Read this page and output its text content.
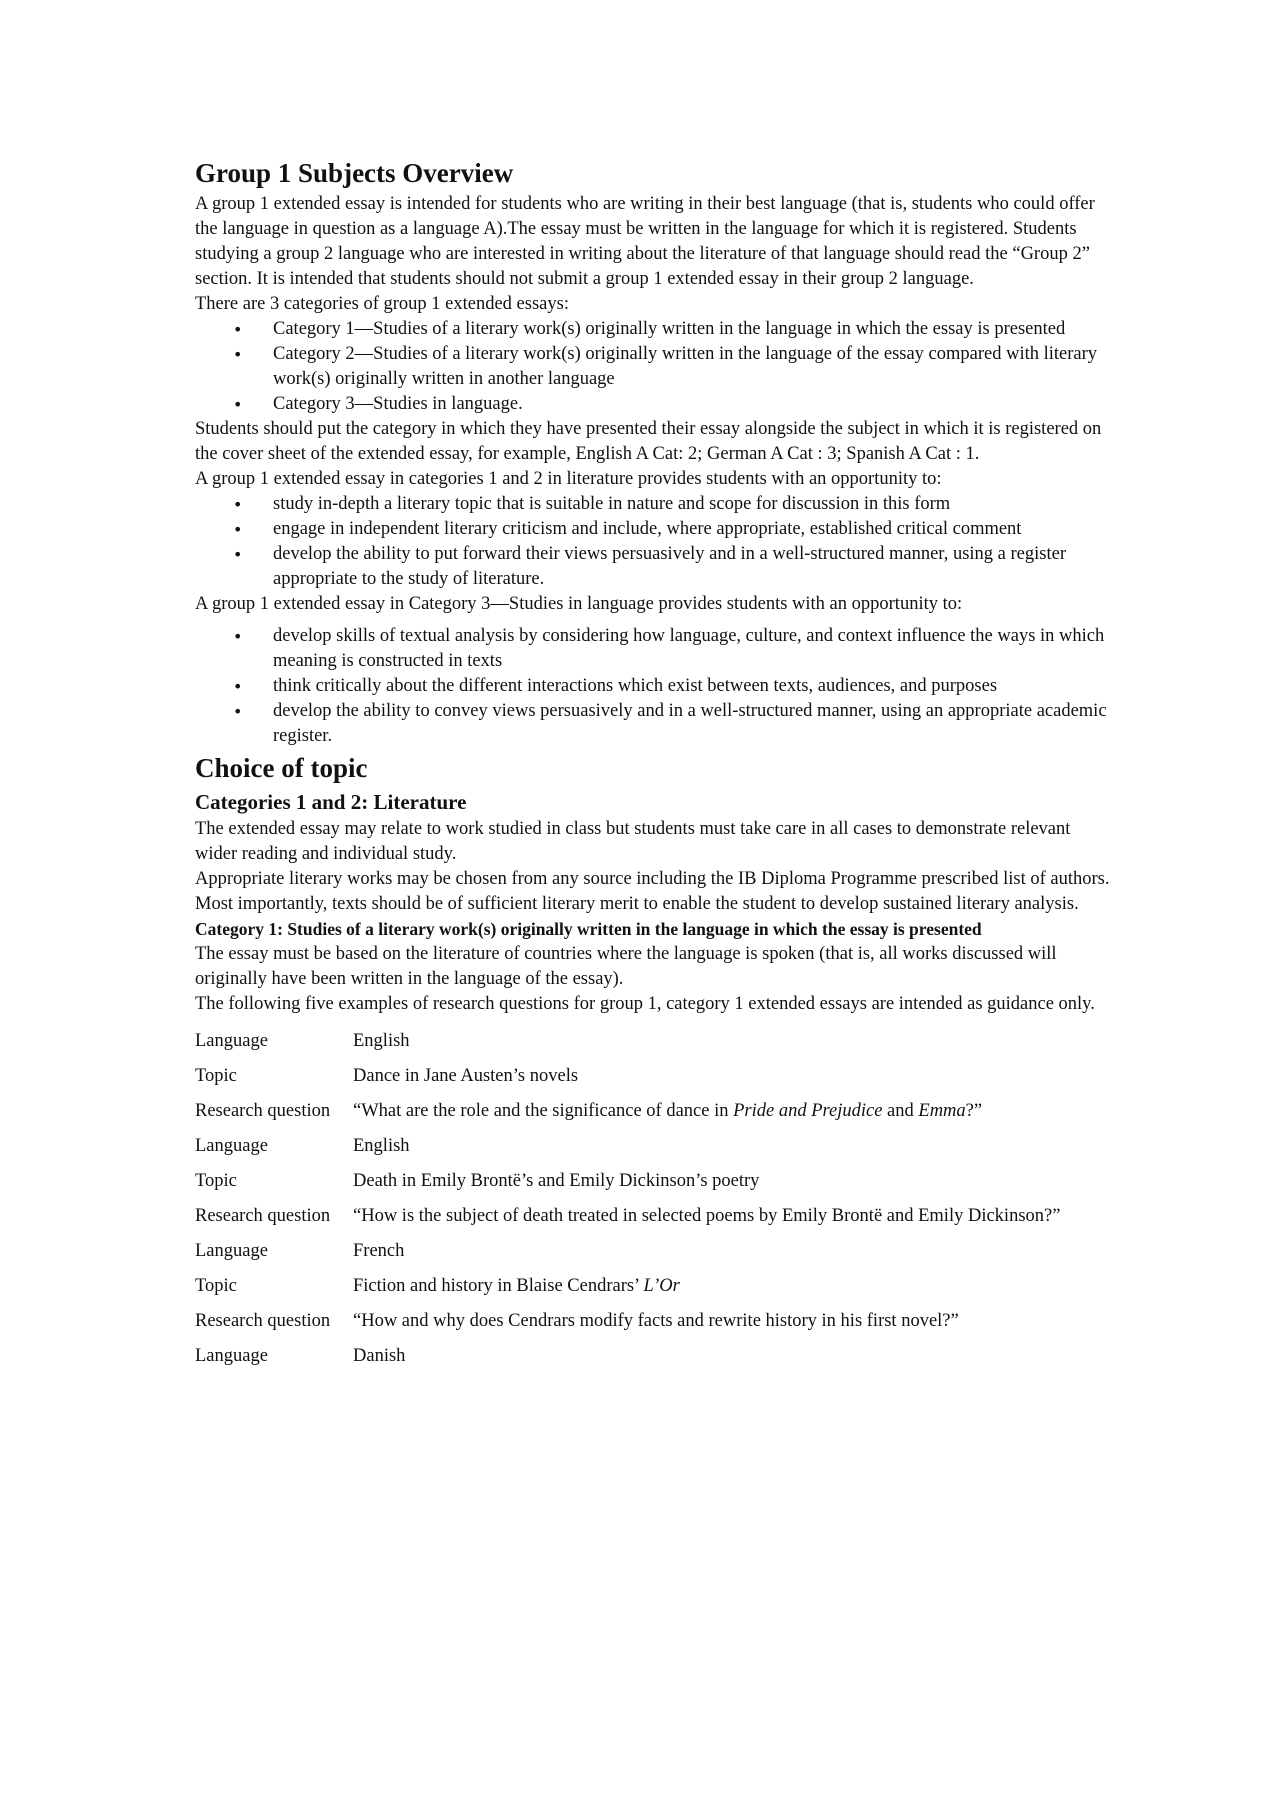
Group 1 Subjects Overview

A group 1 extended essay is intended for students who are writing in their best language (that is, students who could offer the language in question as a language A).The essay must be written in the language for which it is registered. Students studying a group 2 language who are interested in writing about the literature of that language should read the “Group 2” section. It is intended that students should not submit a group 1 extended essay in their group 2 language.

There are 3 categories of group 1 extended essays:

• Category 1—Studies of a literary work(s) originally written in the language in which the essay is presented
• Category 2—Studies of a literary work(s) originally written in the language of the essay compared with literary work(s) originally written in another language
• Category 3—Studies in language.

Students should put the category in which they have presented their essay alongside the subject in which it is registered on the cover sheet of the extended essay, for example, English A Cat: 2; German A Cat : 3; Spanish A Cat : 1.

A group 1 extended essay in categories 1 and 2 in literature provides students with an opportunity to:

• study in-depth a literary topic that is suitable in nature and scope for discussion in this form
• engage in independent literary criticism and include, where appropriate, established critical comment
• develop the ability to put forward their views persuasively and in a well-structured manner, using a register appropriate to the study of literature.

A group 1 extended essay in Category 3—Studies in language provides students with an opportunity to:

• develop skills of textual analysis by considering how language, culture, and context influence the ways in which meaning is constructed in texts
• think critically about the different interactions which exist between texts, audiences, and purposes
• develop the ability to convey views persuasively and in a well-structured manner, using an appropriate academic register.
Choice of topic
Categories 1 and 2: Literature

The extended essay may relate to work studied in class but students must take care in all cases to demonstrate relevant wider reading and individual study.

Appropriate literary works may be chosen from any source including the IB Diploma Programme prescribed list of authors. Most importantly, texts should be of sufficient literary merit to enable the student to develop sustained literary analysis.

Category 1: Studies of a literary work(s) originally written in the language in which the essay is presented

The essay must be based on the literature of countries where the language is spoken (that is, all works discussed will originally have been written in the language of the essay).

The following five examples of research questions for group 1, category 1 extended essays are intended as guidance only.

Language	English
Topic	Dance in Jane Austen’s novels
Research question	“What are the role and the significance of dance in Pride and Prejudice and Emma?”
Language	English
Topic	Death in Emily Brontë’s and Emily Dickinson’s poetry
Research question	“How is the subject of death treated in selected poems by Emily Brontë and Emily Dickinson?”
Language	French
Topic	Fiction and history in Blaise Cendrars’ L’Or
Research question	“How and why does Cendrars modify facts and rewrite history in his first novel?”
Language	Danish
